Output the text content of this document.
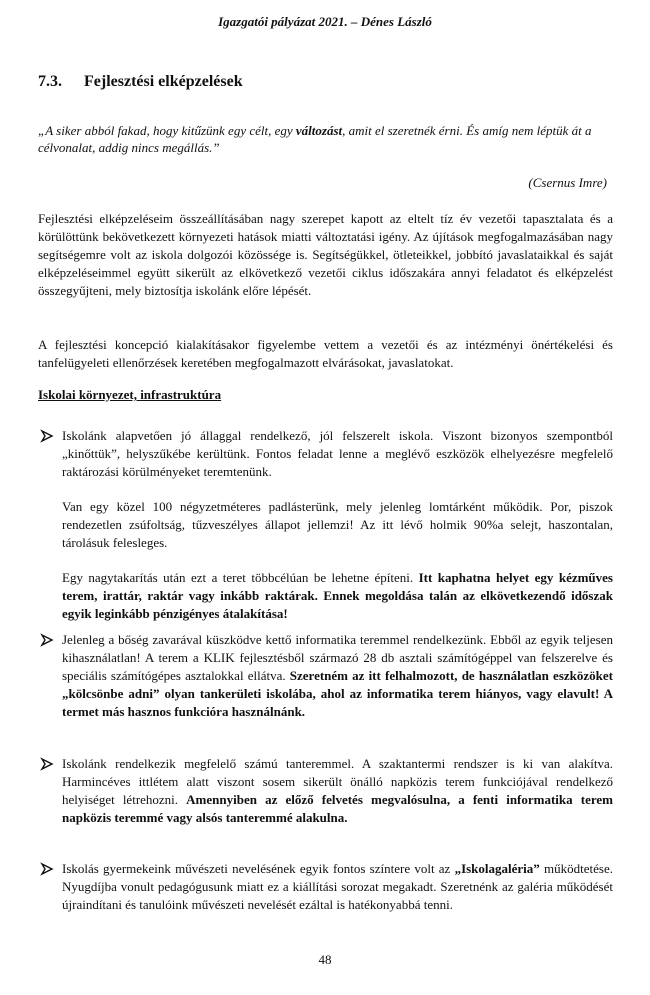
Igazgatói pályázat 2021. – Dénes László
7.3. Fejlesztési elképzelések
„A siker abból fakad, hogy kitűzünk egy célt, egy változást, amit el szeretnék érni. És amíg nem léptük át a célvonalat, addig nincs megállás.”
(Csernus Imre)
Fejlesztési elképzeléseim összeállításában nagy szerepet kapott az eltelt tíz év vezetői tapasztalata és a körülöttünk bekövetkezett környezeti hatások miatti változtatási igény. Az újítások megfogalmazásában nagy segítségemre volt az iskola dolgozói közössége is. Segítségükkel, ötleteikkel, jobbító javaslataikkal és saját elképzeléseimmel együtt sikerült az elkövetkező vezetői ciklus időszakára annyi feladatot és elképzelést összegyűjteni, mely biztosítja iskolánk előre lépését.
A fejlesztési koncepció kialakításakor figyelembe vettem a vezetői és az intézményi önértékelési és tanfelügyeleti ellenőrzések keretében megfogalmazott elvárásokat, javaslatokat.
Iskolai környezet, infrastruktúra

Iskolánk alapvetően jó állaggal rendelkező, jól felszerelt iskola. Viszont bizonyos szempontból „kinőttük”, helyszűkébe kerültünk. Fontos feladat lenne a meglévő eszközök elhelyezésre megfelelő raktározási körülményeket teremtenünk.

Van egy közel 100 négyzetméteres padlásterünk, mely jelenleg lomtárként működik. Por, piszok rendezetlen zsúfoltság, tűzveszélyes állapot jellemzi! Az itt lévő holmik 90%a selejt, haszontalan, tárolásuk felesleges.

Egy nagytakarítás után ezt a teret többcélúan be lehetne építeni. Itt kaphatna helyet egy kézműves terem, irattár, raktár vagy inkább raktárak. Ennek megoldása talán az elkövetkezendő időszak egyik leginkább pénzigényes átalakítása!

Jelenleg a bőség zavarával küszködve kettő informatika teremmel rendelkezünk. Ebből az egyik teljesen kihasználatlan! A terem a KLIK fejlesztésből származó 28 db asztali számítógéppel van felszerelve és speciális számítógépes asztalokkal ellátva. Szeretném az itt felhalmozott, de használatlan eszközöket „kölcsönbe adni” olyan tankerületi iskolába, ahol az informatika terem hiányos, vagy elavult! A termet más hasznos funkcióra használnánk.

Iskolánk rendelkezik megfelelő számú tanteremmel. A szaktantermi rendszer is ki van alakítva. Harmincéves ittlétem alatt viszont sosem sikerült önálló napközis terem funkciójával rendelkező helyiséget létrehozni. Amennyiben az előző felvetés megvalósulna, a fenti informatika terem napközis teremmé vagy alsós tanteremmé alakulna.

Iskolás gyermekeink művészeti nevelésének egyik fontos színtere volt az „Iskolagaléria” működtetése. Nyugdíjba vonult pedagógusunk miatt ez a kiállítási sorozat megakadt. Szeretnénk az galéria működését újraindítani és tanulóink művészeti nevelését ezáltal is hatékonyabbá tenni.

48
